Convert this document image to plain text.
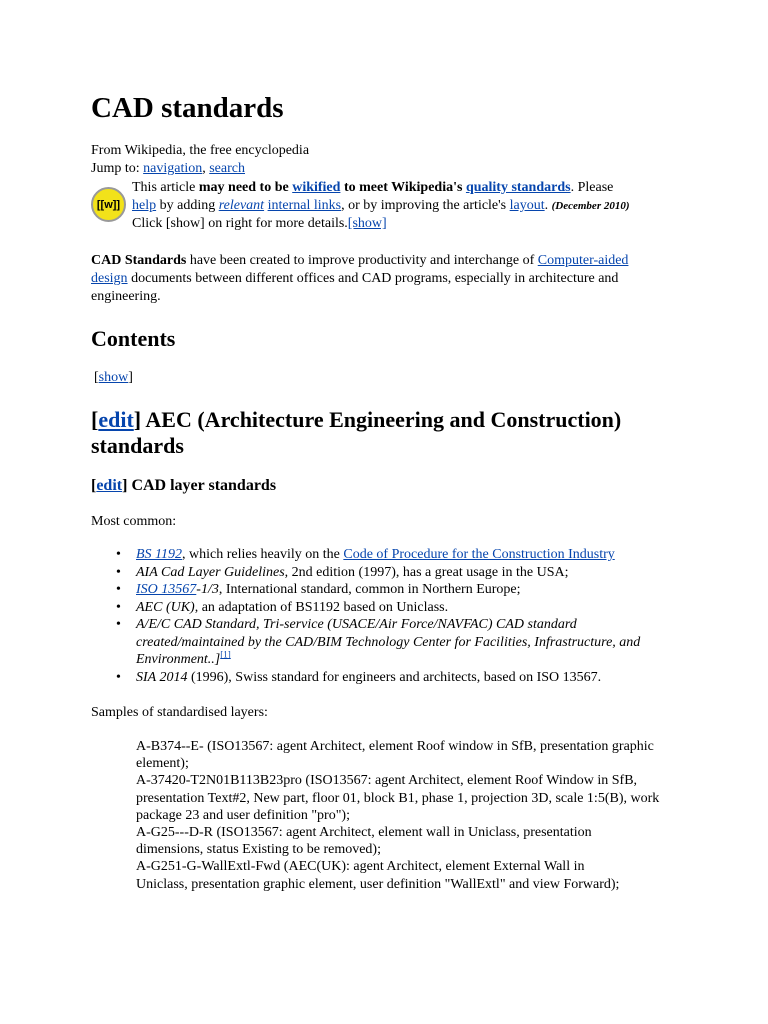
CAD standards
From Wikipedia, the free encyclopedia
Jump to: navigation, search
[[w]]
This article may need to be wikified to meet Wikipedia's quality standards. Please
help by adding relevant internal links, or by improving the article's layout. (December 2010)
Click [show] on right for more details.[show]
CAD Standards have been created to improve productivity and interchange of Computer-aided
design documents between different offices and CAD programs, especially in architecture and
engineering.
Contents
[show]
[edit] AEC (Architecture Engineering and Construction)
standards
[edit] CAD layer standards
Most common:
• BS 1192, which relies heavily on the Code of Procedure for the Construction Industry
• AIA Cad Layer Guidelines, 2nd edition (1997), has a great usage in the USA;
• ISO 13567-1/3, International standard, common in Northern Europe;
• AEC (UK), an adaptation of BS1192 based on Uniclass.
• A/E/C CAD Standard, Tri-service (USACE/Air Force/NAVFAC) CAD standard created/maintained by the CAD/BIM Technology Center for Facilities, Infrastructure, and Environment..][1]
• SIA 2014 (1996), Swiss standard for engineers and architects, based on ISO 13567.
Samples of standardised layers:
A-B374--E- (ISO13567: agent Architect, element Roof window in SfB, presentation graphic element);
A-37420-T2N01B113B23pro (ISO13567: agent Architect, element Roof Window in SfB, presentation Text#2, New part, floor 01, block B1, phase 1, projection 3D, scale 1:5(B), work package 23 and user definition "pro");
A-G25---D-R (ISO13567: agent Architect, element wall in Uniclass, presentation dimensions, status Existing to be removed);
A-G251-G-WallExtl-Fwd (AEC(UK): agent Architect, element External Wall in Uniclass, presentation graphic element, user definition "WallExtl" and view Forward);
